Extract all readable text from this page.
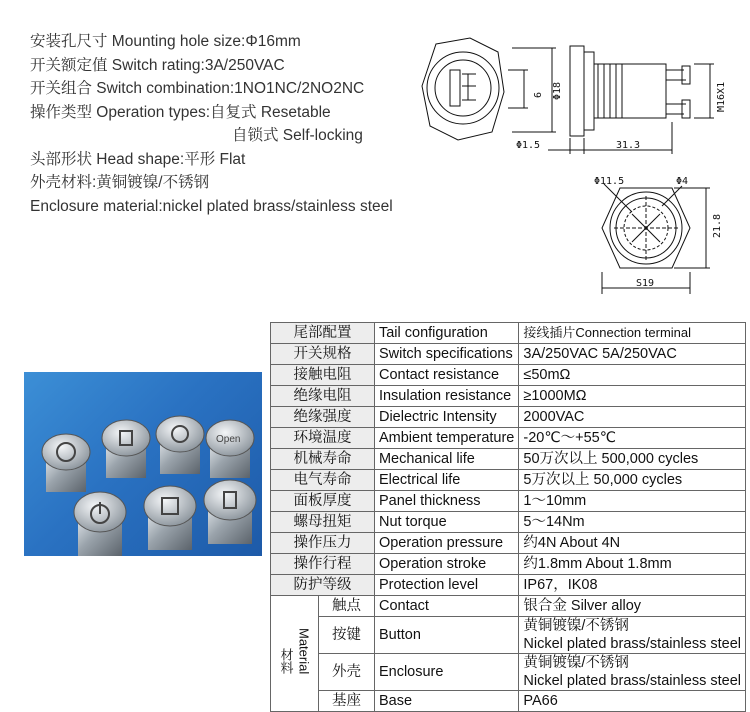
安装孔尺寸 Mounting hole size:Φ16mm
开关额定值 Switch rating:3A/250VAC
开关组合 Switch combination:1NO1NC/2NO2NC
操作类型 Operation types:自复式 Resetable
自锁式 Self-locking
头部形状 Head shape:平形 Flat
外壳材料:黄铜镀镍/不锈钢
Enclosure material:nickel plated brass/stainless steel
9 Φ18	M16X1
Φ1.5	31.3
Φ11.5	Φ4
21.8
S19
Open
尾部配置		Tail configuration	接线插片Connection terminal
开关规格		Switch specifications	3A/250VAC 5A/250VAC
接触电阻		Contact resistance	≤50mΩ
绝缘电阻		Insulation resistance	≥1000MΩ
绝缘强度		Dielectric Intensity	2000VAC
环境温度		Ambient temperature	-20℃～+55℃
机械寿命		Mechanical life	50万次以上 500,000 cycles
电气寿命		Electrical life	5万次以上 50,000 cycles
面板厚度		Panel thickness	1～10mm
螺母扭矩		Nut torque	5～14Nm
操作压力		Operation pressure	约4N About 4N
操作行程		Operation stroke	约1.8mm About 1.8mm
防护等级		Protection level	IP67，IK08
材料 Material	触点	Contact	银合金 Silver alloy
	按键	Button	黄铜镀镍/不锈钢
Nickel plated brass/stainless steel

	外壳	Enclosure	黄铜镀镍/不锈钢
Nickel plated brass/stainless steel

	基座	Base	PA66
